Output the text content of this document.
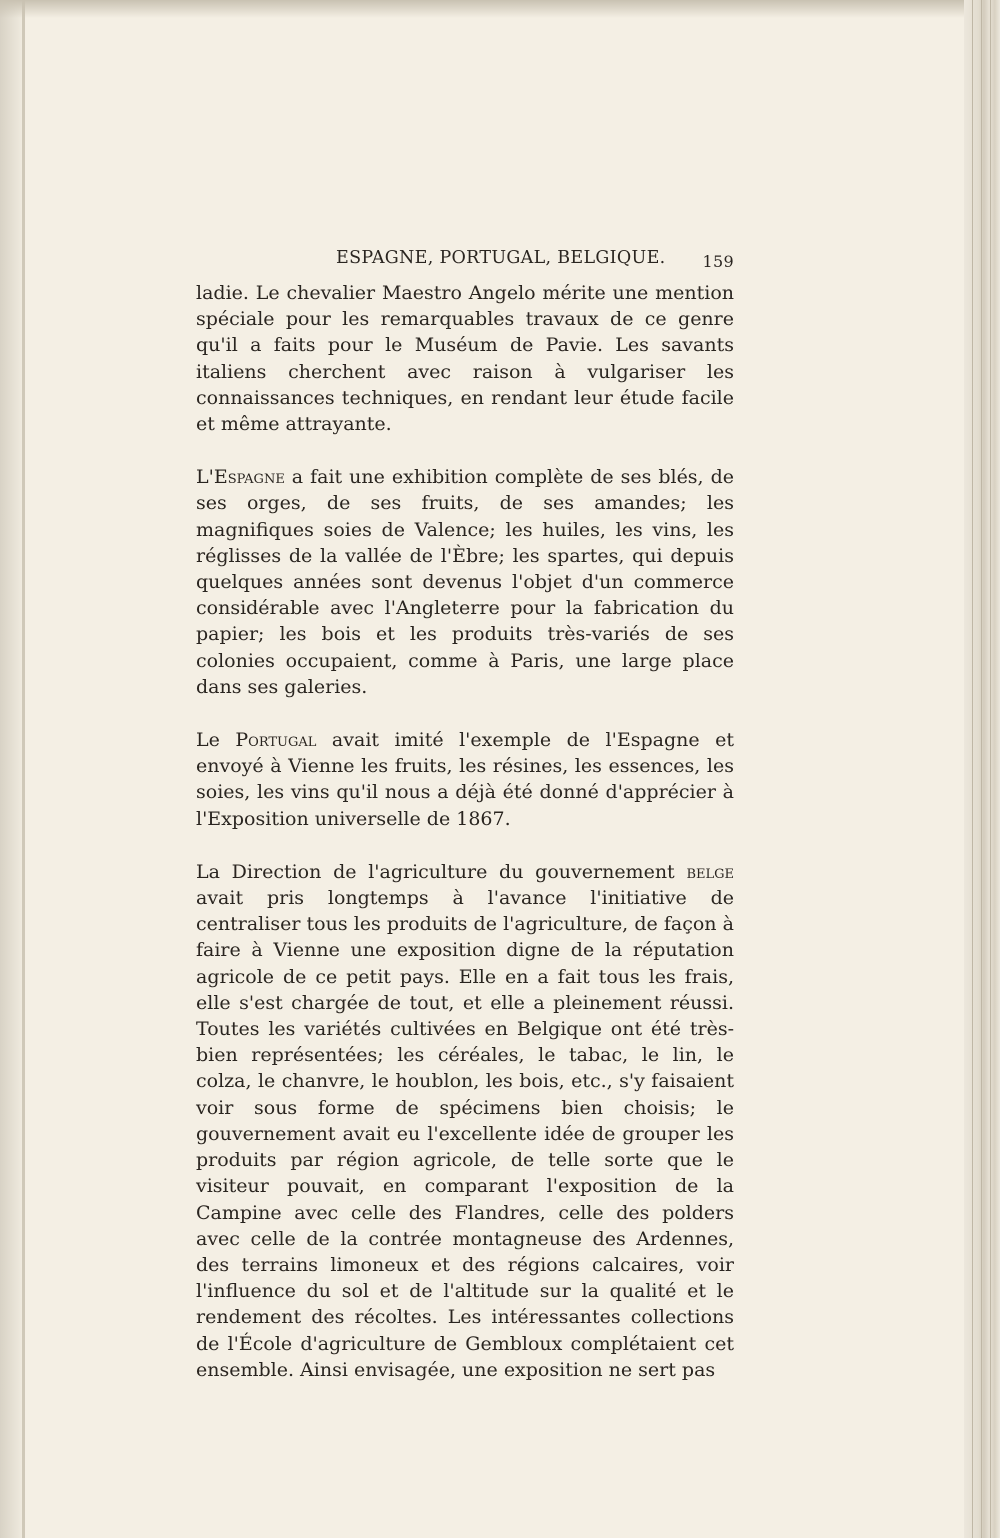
ESPAGNE, PORTUGAL, BELGIQUE. 159

ladie. Le chevalier Maestro Angelo mérite une mention spéciale pour les remarquables travaux de ce genre qu'il a faits pour le Muséum de Pavie. Les savants italiens cherchent avec raison à vulgariser les connaissances techniques, en rendant leur étude facile et même attrayante.

L'Espagne a fait une exhibition complète de ses blés, de ses orges, de ses fruits, de ses amandes; les magnifiques soies de Valence; les huiles, les vins, les réglisses de la vallée de l'Èbre; les spartes, qui depuis quelques années sont devenus l'objet d'un commerce considérable avec l'Angleterre pour la fabrication du papier; les bois et les produits très-variés de ses colonies occupaient, comme à Paris, une large place dans ses galeries.

Le Portugal avait imité l'exemple de l'Espagne et envoyé à Vienne les fruits, les résines, les essences, les soies, les vins qu'il nous a déjà été donné d'apprécier à l'Exposition universelle de 1867.

La Direction de l'agriculture du gouvernement belge avait pris longtemps à l'avance l'initiative de centraliser tous les produits de l'agriculture, de façon à faire à Vienne une exposition digne de la réputation agricole de ce petit pays. Elle en a fait tous les frais, elle s'est chargée de tout, et elle a pleinement réussi. Toutes les variétés cultivées en Belgique ont été très-bien représentées; les céréales, le tabac, le lin, le colza, le chanvre, le houblon, les bois, etc., s'y faisaient voir sous forme de spécimens bien choisis; le gouvernement avait eu l'excellente idée de grouper les produits par région agricole, de telle sorte que le visiteur pouvait, en comparant l'exposition de la Campine avec celle des Flandres, celle des polders avec celle de la contrée montagneuse des Ardennes, des terrains limoneux et des régions calcaires, voir l'influence du sol et de l'altitude sur la qualité et le rendement des récoltes. Les intéressantes collections de l'École d'agriculture de Gembloux complétaient cet ensemble. Ainsi envisagée, une exposition ne sert pas
